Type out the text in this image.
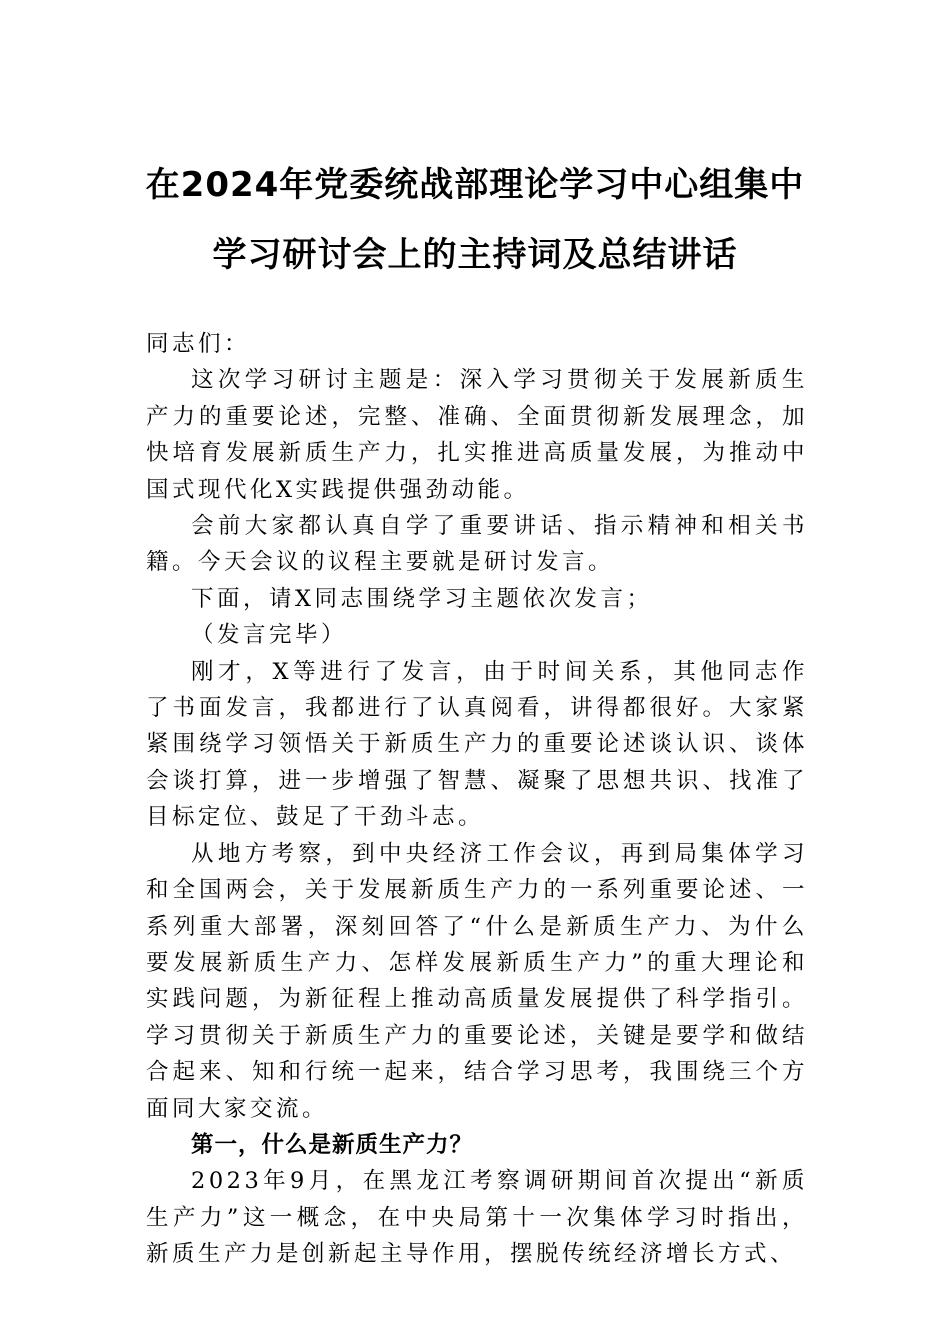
在2024年党委统战部理论学习中心组集中
学习研讨会上的主持词及总结讲话

同志们：

这次学习研讨主题是：深入学习贯彻关于发展新质生产力的重要论述，完整、准确、全面贯彻新发展理念，加快培育发展新质生产力，扎实推进高质量发展，为推动中国式现代化X实践提供强劲动能。

会前大家都认真自学了重要讲话、指示精神和相关书籍。今天会议的议程主要就是研讨发言。

下面，请X同志围绕学习主题依次发言；

（发言完毕）

刚才，X等进行了发言，由于时间关系，其他同志作了书面发言，我都进行了认真阅看，讲得都很好。大家紧紧围绕学习领悟关于新质生产力的重要论述谈认识、谈体会谈打算，进一步增强了智慧、凝聚了思想共识、找准了目标定位、鼓足了干劲斗志。

从地方考察，到中央经济工作会议，再到局集体学习和全国两会，关于发展新质生产力的一系列重要论述、一系列重大部署，深刻回答了“什么是新质生产力、为什么要发展新质生产力、怎样发展新质生产力”的重大理论和实践问题，为新征程上推动高质量发展提供了科学指引。学习贯彻关于新质生产力的重要论述，关键是要学和做结合起来、知和行统一起来，结合学习思考，我围绕三个方面同大家交流。

第一，什么是新质生产力？

2023年9月，在黑龙江考察调研期间首次提出“新质生产力”这一概念，在中央局第十一次集体学习时指出，新质生产力是创新起主导作用，摆脱传统经济增长方式、
